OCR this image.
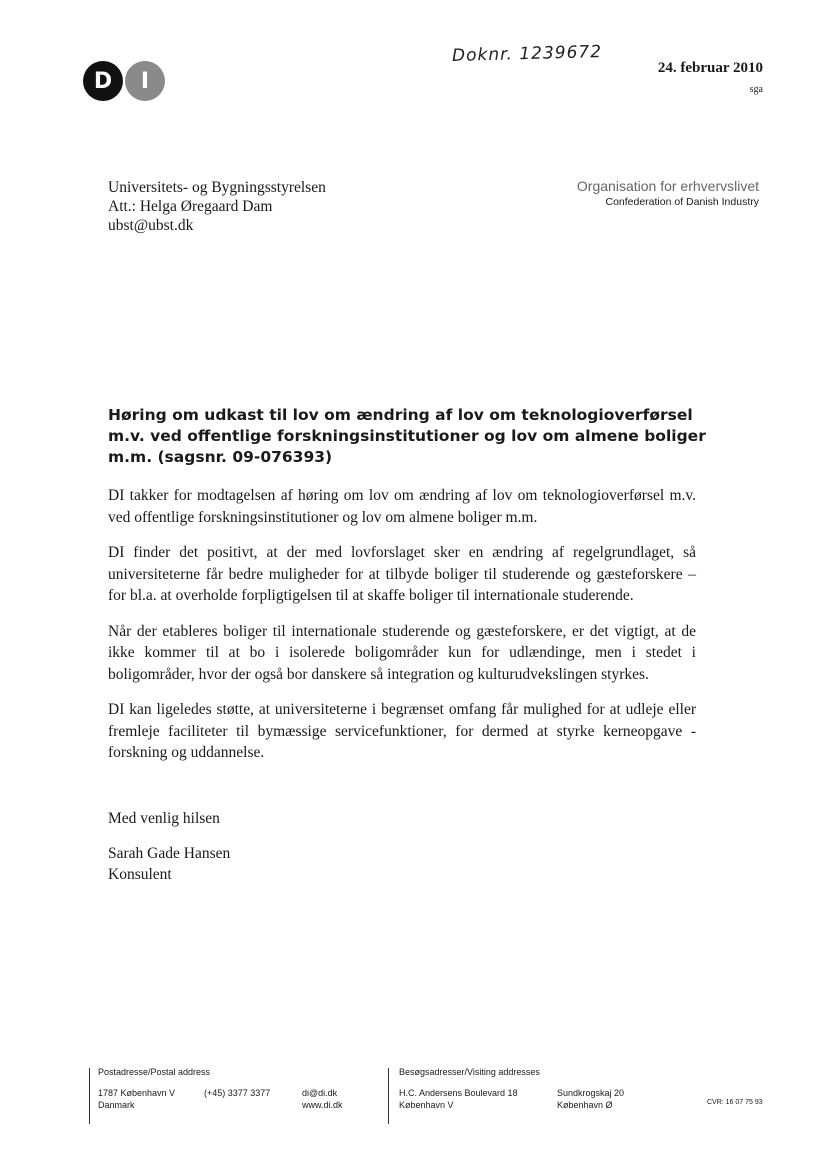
D	I
Doknr. 1239672
24. februar 2010
sga
Universitets- og Bygningsstyrelsen
Att.: Helga Øregaard Dam
ubst@ubst.dk
Organisation for erhvervslivet
Confederation of Danish Industry
Høring om udkast til lov om ændring af lov om teknologioverførsel m.v. ved offentlige forskningsinstitutioner og lov om almene boliger m.m. (sagsnr. 09-076393)

DI takker for modtagelsen af høring om lov om ændring af lov om teknologioverførsel m.v. ved offentlige forskningsinstitutioner og lov om almene boliger m.m.

DI finder det positivt, at der med lovforslaget sker en ændring af regelgrundlaget, så universiteterne får bedre muligheder for at tilbyde boliger til studerende og gæsteforskere – for bl.a. at overholde forpligtigelsen til at skaffe boliger til internationale studerende.

Når der etableres boliger til internationale studerende og gæsteforskere, er det vigtigt, at de ikke kommer til at bo i isolerede boligområder kun for udlændinge, men i stedet i boligområder, hvor der også bor danskere så integration og kulturudvekslingen styrkes.

DI kan ligeledes støtte, at universiteterne i begrænset omfang får mulighed for at udleje eller fremleje faciliteter til bymæssige servicefunktioner, for dermed at styrke kerneopgave - forskning og uddannelse.

Med venlig hilsen
Sarah Gade Hansen
Konsulent
Postadresse/Postal address
1787 København V
Danmark
(+45) 3377 3377	di@di.dk
www.di.dk
Besøgsadresser/Visiting addresses
H.C. Andersens Boulevard 18
København V
Sundkrogskaj 20
København Ø	CVR: 16 07 75 93
